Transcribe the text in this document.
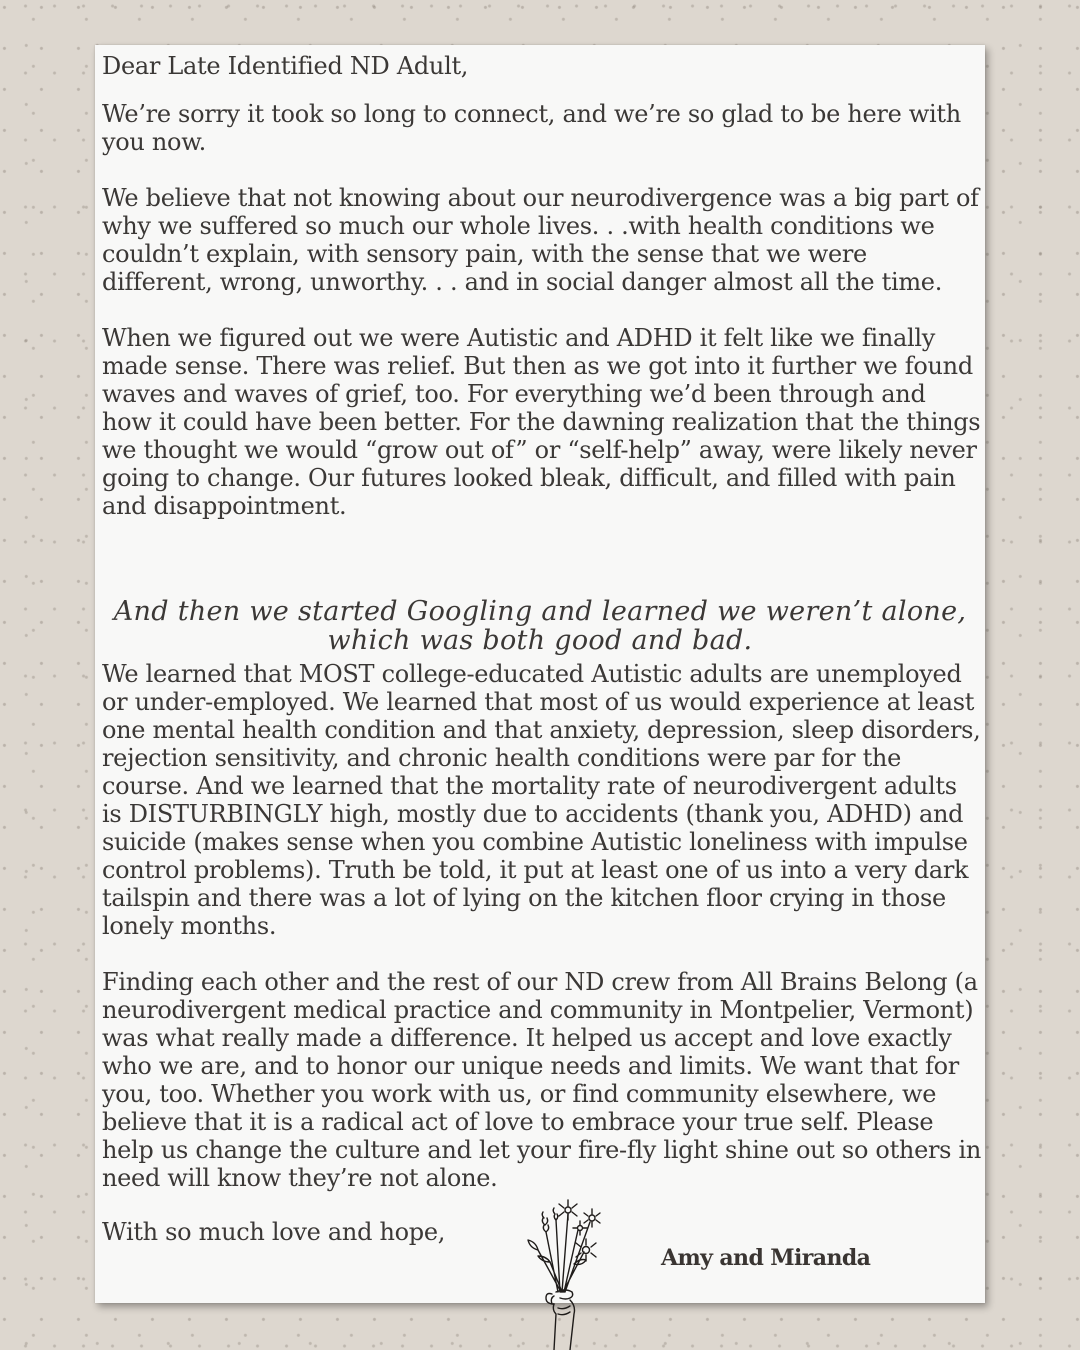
Dear Late Identified ND Adult,

We’re sorry it took so long to connect, and we’re so glad to be here with you now.

We believe that not knowing about our neurodivergence was a big part of why we suffered so much our whole lives. . .with health conditions we couldn’t explain, with sensory pain, with the sense that we were different, wrong, unworthy. . . and in social danger almost all the time.

When we figured out we were Autistic and ADHD it felt like we finally made sense. There was relief. But then as we got into it further we found waves and waves of grief, too. For everything we’d been through and how it could have been better. For the dawning realization that the things we thought we would “grow out of” or “self-help” away, were likely never going to change. Our futures looked bleak, difficult, and filled with pain and disappointment.

And then we started Googling and learned we weren’t alone, which was both good and bad.

We learned that MOST college-educated Autistic adults are unemployed or under-employed. We learned that most of us would experience at least one mental health condition and that anxiety, depression, sleep disorders, rejection sensitivity, and chronic health conditions were par for the course. And we learned that the mortality rate of neurodivergent adults is DISTURBINGLY high, mostly due to accidents (thank you, ADHD) and suicide (makes sense when you combine Autistic loneliness with impulse control problems). Truth be told, it put at least one of us into a very dark tailspin and there was a lot of lying on the kitchen floor crying in those lonely months.

Finding each other and the rest of our ND crew from All Brains Belong (a neurodivergent medical practice and community in Montpelier, Vermont) was what really made a difference. It helped us accept and love exactly who we are, and to honor our unique needs and limits. We want that for you, too. Whether you work with us, or find community elsewhere, we believe that it is a radical act of love to embrace your true self. Please help us change the culture and let your fire-fly light shine out so others in need will know they’re not alone.

With so much love and hope,

Amy and Miranda
